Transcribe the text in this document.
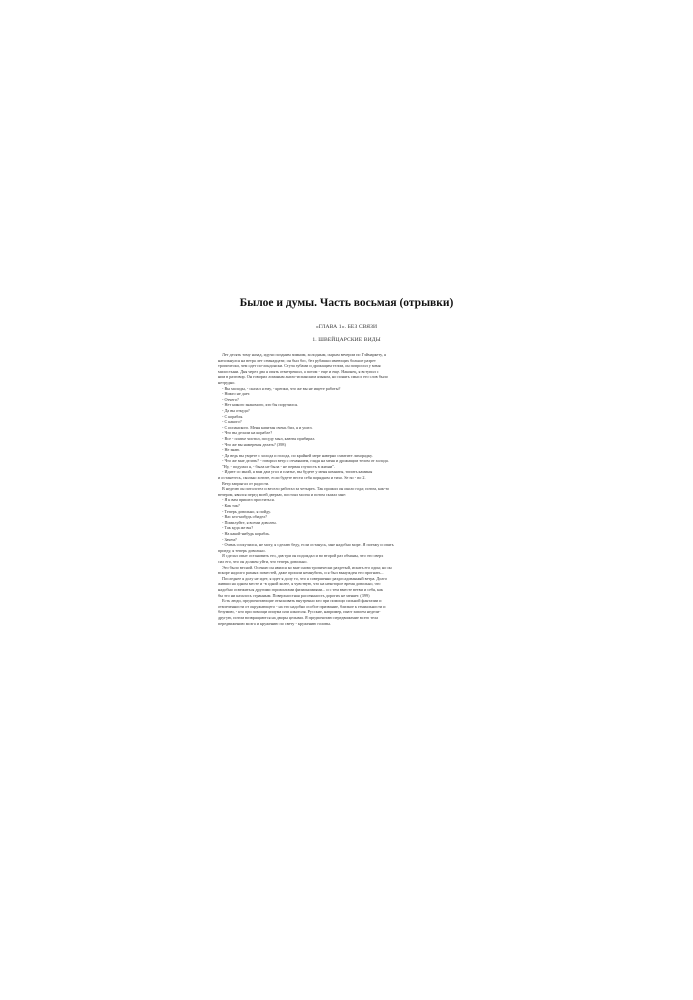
Былое и думы. Часть восьмая (отрывки)
«ГЛАВА 1». БЕЗ СВЯЗИ
1. ШВЕЙЦАРСКИЕ ВИДЫ
Лет десять тому назад, идучи поздним зимним, холодным, сырым вечером по Гэймаркету, я
натолкнулся на ветра лет семнадцати; он был бос, без рубашки имеющих больше разрет
тропически, чем одет по-лондонски. Стуча зубами и дрожащим телом, он попросил у меня
милостыни. Дня через два я опять отметрешил, а потом - еще и еще. Наконец, я вступил с
ним в разговор. Он говорил ломаным англо-испанским языком, но понять смысл его слов было
нетрудно.
- Вы молоды, - сказал я ему, - крепки, что же вы не ищете работы?
- Никто не дает.
- Отчего?
- Нет никого знакомого, кто бы поручился.
- Да вы откуда?
- С корабля.
- С какого?
- С испанского. Меня капитан очень бил, я и ушел.
- Что вы делали на корабле?
- Все - платье чистил, посуду мыл, каюты прибирал.
- Что же вы намерены делать? (398)
- Не знаю.
- Да ведь вы умрете с холода и голода, по крайней мере наверно схватите лихорадку.
- Что же мне делать? - говорил ветр с отчаянием, глядя на меня и дрожащим телом от холода.
"Ну, - подумал я, - была не была - не первая глупость в жизни".
- Идите со мной, я вам дам угол и платье, вы будете у меня комнаты, топить камины
и останетесь, сколько хотите, если будете вести себя порядком и тихо. Se no - no 2.
Ветр запрыгал от радости.
В неделю он потолстел и весело работал за четырех. Так прожил он около года; потом, как-то
вечером, явился перед моей дверью, постоял молча и потом сказал мне:
- Я к вам пришел проститься.
- Как так?
- Теперь довольно, я пойду.
- Вас кто-нибудь обидел?
- Помилуйте, я всеми доволен.
- Так куда же вы?
- На какой-нибудь корабль.
- Зачем?
- Очень соскучился, не могу, я сделаю беду, если останусь, мне надобно море. Я поезжу и опять
приеду, я теперь довольно.
Я сделал опыт остановить его, дав три он подождал и во второй раз обманы, что это сверх
сил его, что он должен уйти, что теперь довольно.
Это было весной. Осенью он явился ко мне снова тропически раздетый, искать его один; но он
вскоре надолго разных поместей, даже прошли немнубить, и я был вынужден его прогнать...
Последнее я долу не идет, я идет я долу то, что я совершенно раздосадованный ветра. Долго
живши на одном месте и -в одной колее, я чувствую, что на некоторое время довольно, что
надобно освежиться другими горизонтами физиономиями... и с тем вместе ветви и себя, как
бы это ни казалось странным. Поверхностная рассеянность дорогих не меняет. (399)
Есть люди, предпочитающие отыскивать внутренно кто при помощи сильной фантазии и
отвлеченности от окружающего - на это надобно особое призвание, близкое к гениальности и
безумию, - кто при помощи опиума или алкоголя. Русские, например, пьют запоем недели-
другую, потом возвращаются на дворы целыми. Я предпочитаю передвижение всего тела
передвижению мозга и кружению по свету - кружению головы.
